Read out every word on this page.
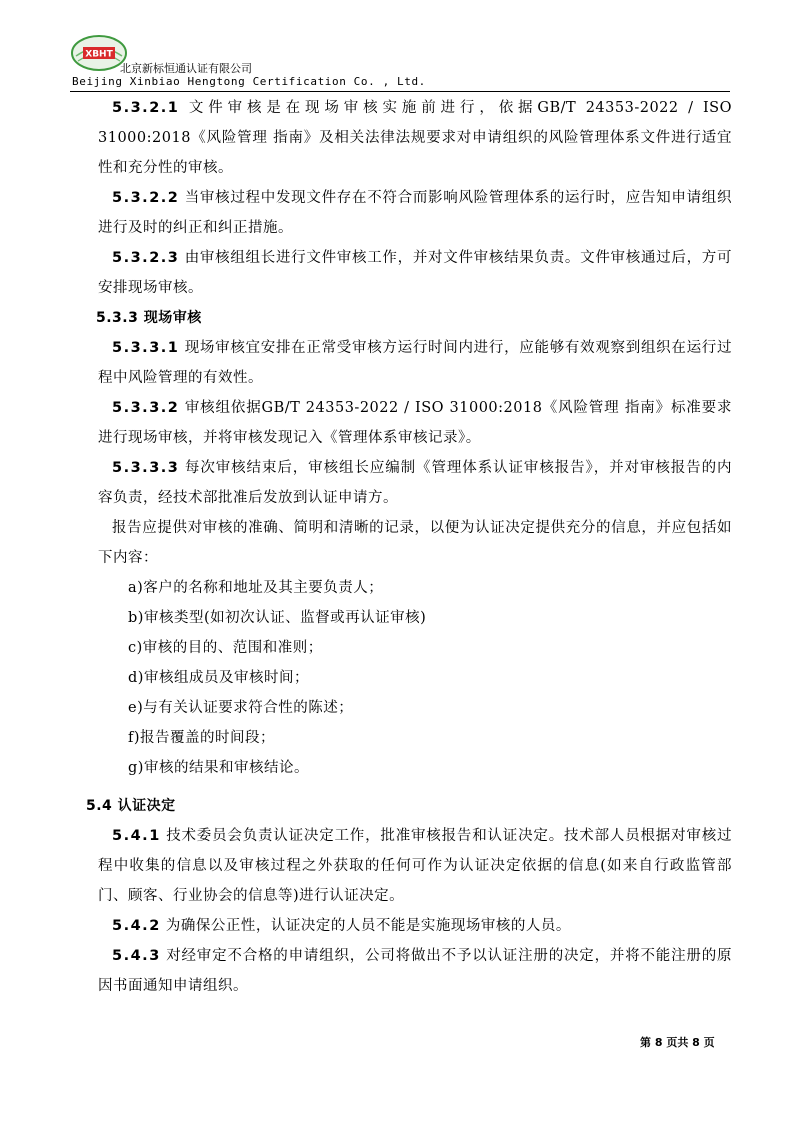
XBHT
北京新标恒通认证有限公司
Beijing Xinbiao Hengtong Certification Co. , Ltd.

5.3.2.1 文件审核是在现场审核实施前进行，依据GB/T 24353-2022 / ISO 31000:2018《风险管理 指南》及相关法律法规要求对申请组织的风险管理体系文件进行适宜性和充分性的审核。

5.3.2.2 当审核过程中发现文件存在不符合而影响风险管理体系的运行时，应告知申请组织进行及时的纠正和纠正措施。

5.3.2.3 由审核组组长进行文件审核工作，并对文件审核结果负责。文件审核通过后，方可安排现场审核。

5.3.3 现场审核

5.3.3.1 现场审核宜安排在正常受审核方运行时间内进行，应能够有效观察到组织在运行过程中风险管理的有效性。

5.3.3.2 审核组依据GB/T 24353-2022 / ISO 31000:2018《风险管理 指南》标准要求进行现场审核，并将审核发现记入《管理体系审核记录》。

5.3.3.3 每次审核结束后，审核组长应编制《管理体系认证审核报告》，并对审核报告的内容负责，经技术部批准后发放到认证申请方。

报告应提供对审核的准确、简明和清晰的记录，以便为认证决定提供充分的信息，并应包括如下内容：

a)客户的名称和地址及其主要负责人；

b)审核类型(如初次认证、监督或再认证审核)

c)审核的目的、范围和准则；

d)审核组成员及审核时间；

e)与有关认证要求符合性的陈述；

f)报告覆盖的时间段；

g)审核的结果和审核结论。

5.4 认证决定

5.4.1 技术委员会负责认证决定工作，批准审核报告和认证决定。技术部人员根据对审核过程中收集的信息以及审核过程之外获取的任何可作为认证决定依据的信息(如来自行政监管部门、顾客、行业协会的信息等)进行认证决定。

5.4.2 为确保公正性，认证决定的人员不能是实施现场审核的人员。

5.4.3 对经审定不合格的申请组织，公司将做出不予以认证注册的决定，并将不能注册的原因书面通知申请组织。

第 8 页共 8 页
